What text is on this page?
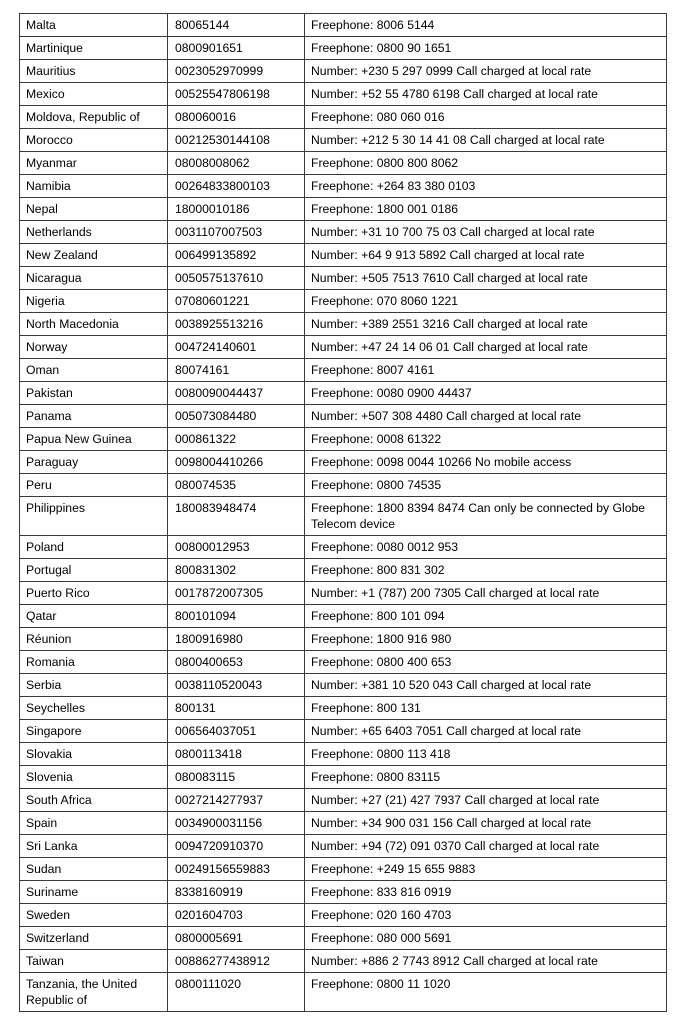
Malta	80065144	Freephone: 8006 5144
Martinique	0800901651	Freephone: 0800 90 1651
Mauritius	0023052970999	Number: +230 5 297 0999 Call charged at local rate
Mexico	00525547806198	Number: +52 55 4780 6198 Call charged at local rate
Moldova, Republic of	080060016	Freephone: 080 060 016
Morocco	00212530144108	Number: +212 5 30 14 41 08 Call charged at local rate
Myanmar	08008008062	Freephone: 0800 800 8062
Namibia	00264833800103	Freephone: +264 83 380 0103
Nepal	18000010186	Freephone: 1800 001 0186
Netherlands	0031107007503	Number: +31 10 700 75 03 Call charged at local rate
New Zealand	006499135892	Number: +64 9 913 5892 Call charged at local rate
Nicaragua	0050575137610	Number: +505 7513 7610 Call charged at local rate
Nigeria	07080601221	Freephone: 070 8060 1221
North Macedonia	0038925513216	Number: +389 2551 3216 Call charged at local rate
Norway	004724140601	Number: +47 24 14 06 01 Call charged at local rate
Oman	80074161	Freephone: 8007 4161
Pakistan	0080090044437	Freephone: 0080 0900 44437
Panama	005073084480	Number: +507 308 4480 Call charged at local rate
Papua New Guinea	000861322	Freephone: 0008 61322
Paraguay	0098004410266	Freephone: 0098 0044 10266 No mobile access
Peru	080074535	Freephone: 0800 74535
Philippines	180083948474	Freephone: 1800 8394 8474 Can only be connected by Globe Telecom device
Poland	00800012953	Freephone: 0080 0012 953
Portugal	800831302	Freephone: 800 831 302
Puerto Rico	0017872007305	Number: +1 (787) 200 7305 Call charged at local rate
Qatar	800101094	Freephone: 800 101 094
Réunion	1800916980	Freephone: 1800 916 980
Romania	0800400653	Freephone: 0800 400 653
Serbia	0038110520043	Number: +381 10 520 043 Call charged at local rate
Seychelles	800131	Freephone: 800 131
Singapore	006564037051	Number: +65 6403 7051 Call charged at local rate
Slovakia	0800113418	Freephone: 0800 113 418
Slovenia	080083115	Freephone: 0800 83115
South Africa	0027214277937	Number: +27 (21) 427 7937 Call charged at local rate
Spain	0034900031156	Number: +34 900 031 156 Call charged at local rate
Sri Lanka	0094720910370	Number: +94 (72) 091 0370 Call charged at local rate
Sudan	00249156559883	Freephone: +249 15 655 9883
Suriname	8338160919	Freephone: 833 816 0919
Sweden	0201604703	Freephone: 020 160 4703
Switzerland	0800005691	Freephone: 080 000 5691
Taiwan	00886277438912	Number: +886 2 7743 8912 Call charged at local rate
Tanzania, the United Republic of	0800111020	Freephone: 0800 11 1020
